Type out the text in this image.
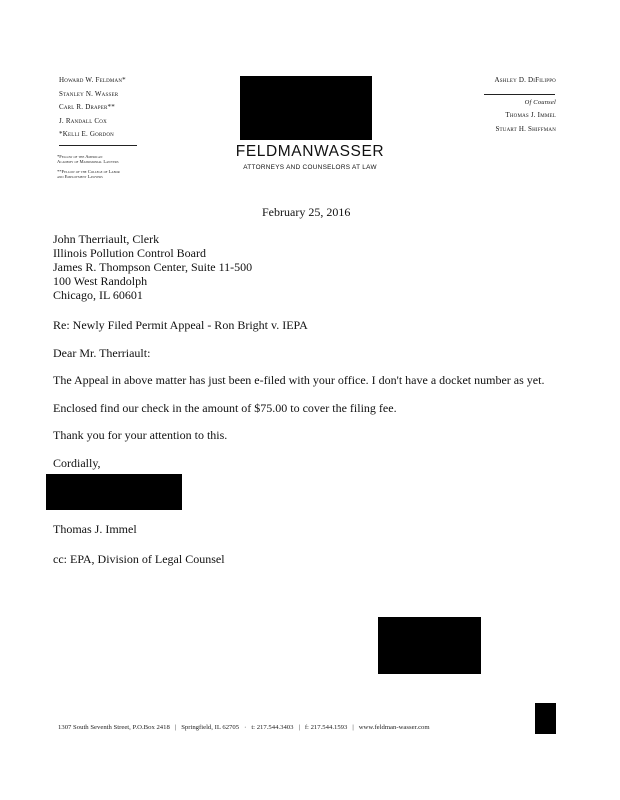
Howard W. Feldman*
Stanley N. Wasser
Carl R. Draper**
J. Randall Cox
*Kelli E. Gordon
*Fellow of the American
Academy of Matrimonial Lawyers
**Fellow of the College of Labor
and Employment Lawyers
Ashley D. DiFilippo
Of Counsel
Thomas J. Immel
Stuart H. Shiffman
FELDMANWASSER
ATTORNEYS AND COUNSELORS AT LAW
February 25, 2016
John Therriault, Clerk
Illinois Pollution Control Board
James R. Thompson Center, Suite 11-500
100 West Randolph
Chicago, IL 60601
Re: Newly Filed Permit Appeal - Ron Bright v. IEPA
Dear Mr. Therriault:
The Appeal in above matter has just been e-filed with your office. I don't have a docket number as yet.
Enclosed find our check in the amount of $75.00 to cover the filing fee.
Thank you for your attention to this.
Cordially,
Thomas J. Immel
cc: EPA, Division of Legal Counsel
1307 South Seventh Street, P.O.Box 2418 | Springfield, IL 62705 · t: 217.544.3403 | f: 217.544.1593 | www.feldman-wasser.com
